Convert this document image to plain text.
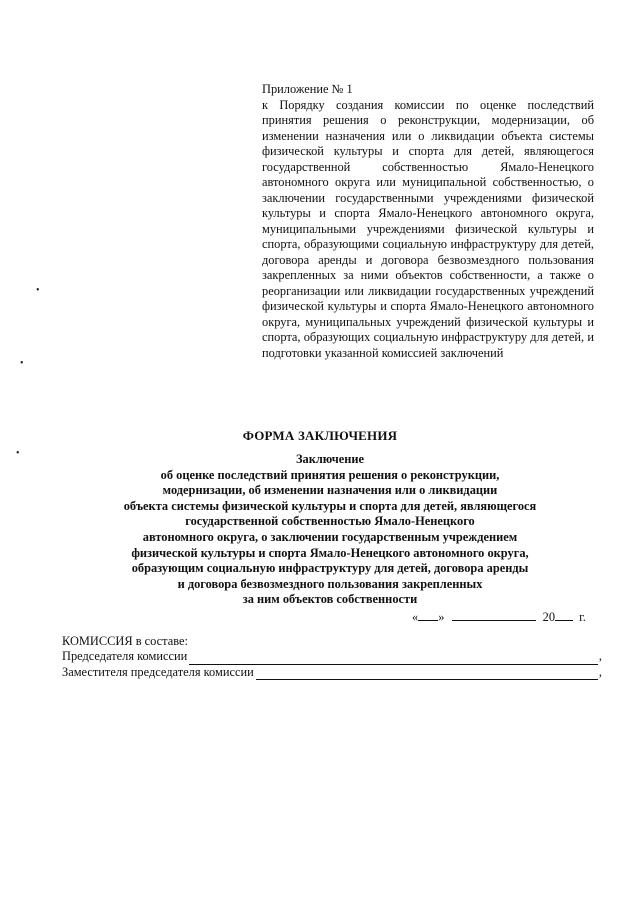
•
•
•
Приложение № 1
к Порядку создания комиссии по оценке последствий принятия решения о реконструкции, модернизации, об изменении назначения или о ликвидации объекта системы физической культуры и спорта для детей, являющегося государственной собственностью Ямало-Ненецкого автономного округа или муниципальной собственностью, о заключении государственными учреждениями физической культуры и спорта Ямало-Ненецкого автономного округа, муниципальными учреждениями физической культуры и спорта, образующими социальную инфраструктуру для детей, договора аренды и договора безвозмездного пользования закрепленных за ними объектов собственности, а также о реорганизации или ликвидации государственных учреждений физической культуры и спорта Ямало-Ненецкого автономного округа, муниципальных учреждений физической культуры и спорта, образующих социальную инфраструктуру для детей, и подготовки указанной комиссией заключений
ФОРМА ЗАКЛЮЧЕНИЯ
Заключение
об оценке последствий принятия решения о реконструкции,
модернизации, об изменении назначения или о ликвидации
объекта системы физической культуры и спорта для детей, являющегося
государственной собственностью Ямало-Ненецкого
автономного округа, о заключении государственным учреждением
физической культуры и спорта Ямало-Ненецкого автономного округа,
образующим социальную инфраструктуру для детей, договора аренды
и договора безвозмездного пользования закрепленных
за ним объектов собственности
« »	20 г.
КОМИССИЯ в составе:
Председателя комиссии	,
Заместителя председателя комиссии	,
